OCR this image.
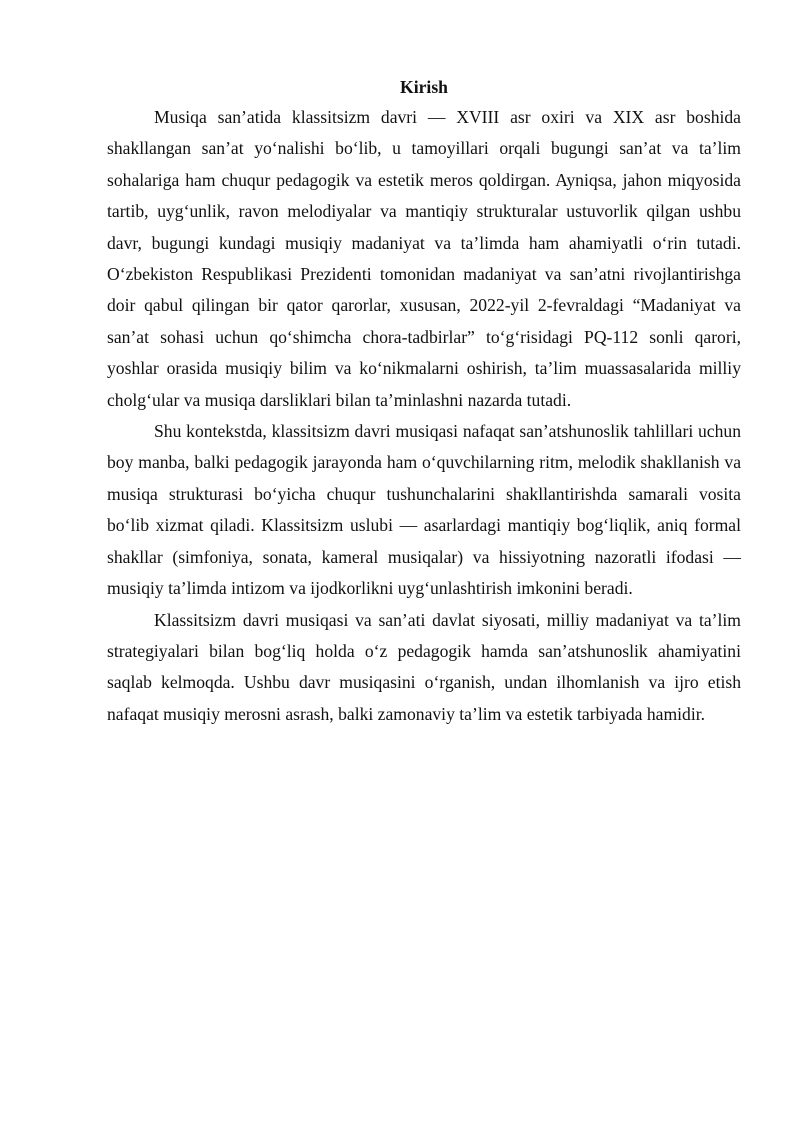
Kirish

Musiqa san’atida klassitsizm davri — XVIII asr oxiri va XIX asr boshida shakllangan san’at yo‘nalishi bo‘lib, u tamoyillari orqali bugungi san’at va ta’lim sohalariga ham chuqur pedagogik va estetik meros qoldirgan. Ayniqsa, jahon miqyosida tartib, uyg‘unlik, ravon melodiyalar va mantiqiy strukturalar ustuvorlik qilgan ushbu davr, bugungi kundagi musiqiy madaniyat va ta’limda ham ahamiyatli o‘rin tutadi. O‘zbekiston Respublikasi Prezidenti tomonidan madaniyat va san’atni rivojlantirishga doir qabul qilingan bir qator qarorlar, xususan, 2022-yil 2-fevraldagi “Madaniyat va san’at sohasi uchun qo‘shimcha chora-tadbirlar” to‘g‘risidagi PQ-112 sonli qarori, yoshlar orasida musiqiy bilim va ko‘nikmalarni oshirish, ta’lim muassasalarida milliy cholg‘ular va musiqa darsliklari bilan ta’minlashni nazarda tutadi.

Shu kontekstda, klassitsizm davri musiqasi nafaqat san’atshunoslik tahlillari uchun boy manba, balki pedagogik jarayonda ham o‘quvchilarning ritm, melodik shakllanish va musiqa strukturasi bo‘yicha chuqur tushunchalarini shakllantirishda samarali vosita bo‘lib xizmat qiladi. Klassitsizm uslubi — asarlardagi mantiqiy bog‘liqlik, aniq formal shakllar (simfoniya, sonata, kameral musiqalar) va hissiyotning nazoratli ifodasi — musiqiy ta’limda intizom va ijodkorlikni uyg‘unlashtirish imkonini beradi.

Klassitsizm davri musiqasi va san’ati davlat siyosati, milliy madaniyat va ta’lim strategiyalari bilan bog‘liq holda o‘z pedagogik hamda san’atshunoslik ahamiyatini saqlab kelmoqda. Ushbu davr musiqasini o‘rganish, undan ilhomlanish va ijro etish nafaqat musiqiy merosni asrash, balki zamonaviy ta’lim va estetik tarbiyada hamidir.
